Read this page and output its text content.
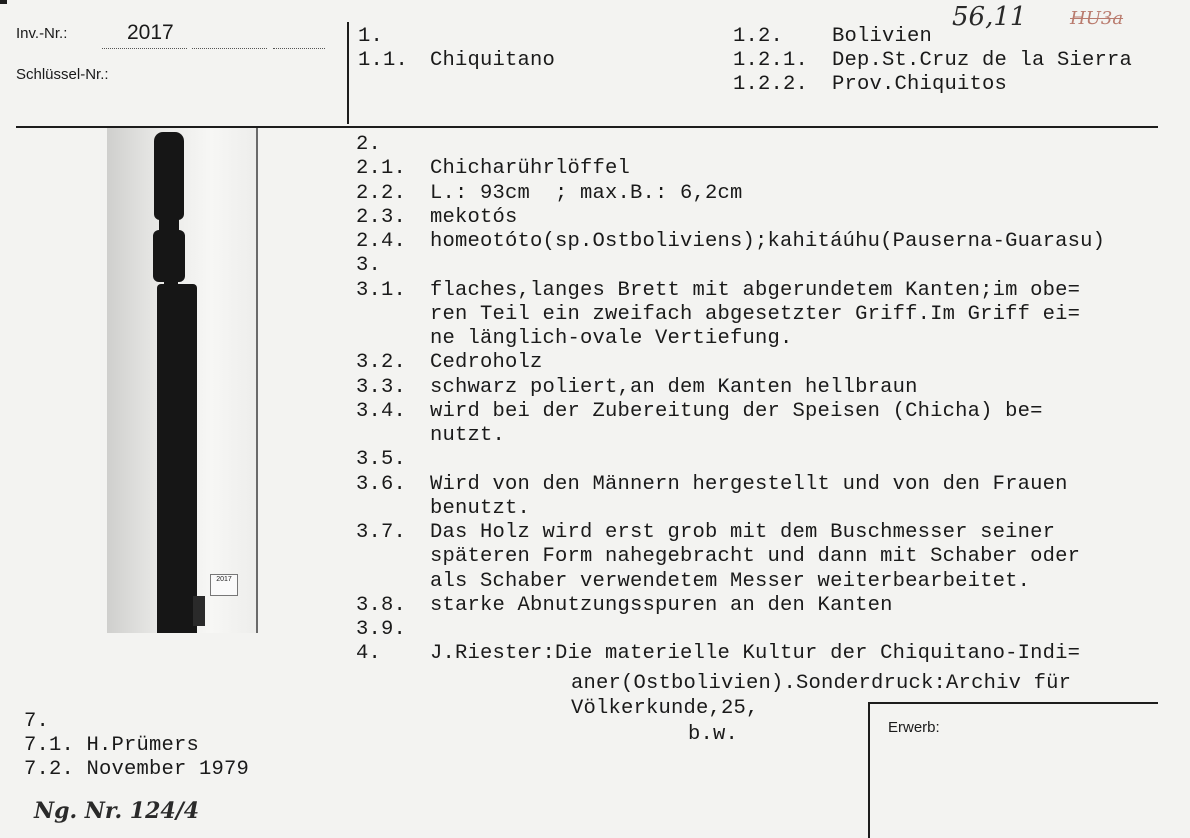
Inv.-Nr.:	2017
Schlüssel-Nr.:
1.
1.1. Chiquitano
1.2. Bolivien
56,11 HU3a
1.2.1. Dep.St.Cruz de la Sierra
1.2.2. Prov.Chiquitos
2017
2.
2.1. Chicharührlöffel
2.2. L.: 93cm  ; max.B.: 6,2cm
2.3. mekotós
2.4. homeotóto(sp.Ostbolivien​s);kahitáúhu(Pauserna-Guarasu)
3.
3.1. flaches,langes Brett mit abgerundetem Kanten;im obe=
ren Teil ein zweifach abgesetzter Griff.Im Griff ei=
ne länglich-ovale Vertiefung.
3.2. Cedroholz
3.3. schwarz poliert,an dem Kanten hellbraun
3.4. wird bei der Zubereitung der Speisen (Chicha) be=
nutzt.
3.5.
3.6. Wird von den Männern hergestellt und von den Frauen
benutzt.
3.7. Das Holz wird erst grob mit dem Buschmesser seiner
späteren Form nahegebracht und dann mit Schaber oder
als Schaber verwendetem Messer weiterbearbeitet.
3.8. starke Abnutzungsspuren an den Kanten
3.9.
4. J.Riester:Die materielle Kultur der Chiquitano-Indi=
aner(Ostbolivien).Sonderdruck:Archiv für
Völkerkunde,25,
b.w.
7.
7.1. H.Prümers
7.2. November 1979
Ng. Nr. 124/4
Erwerb:
